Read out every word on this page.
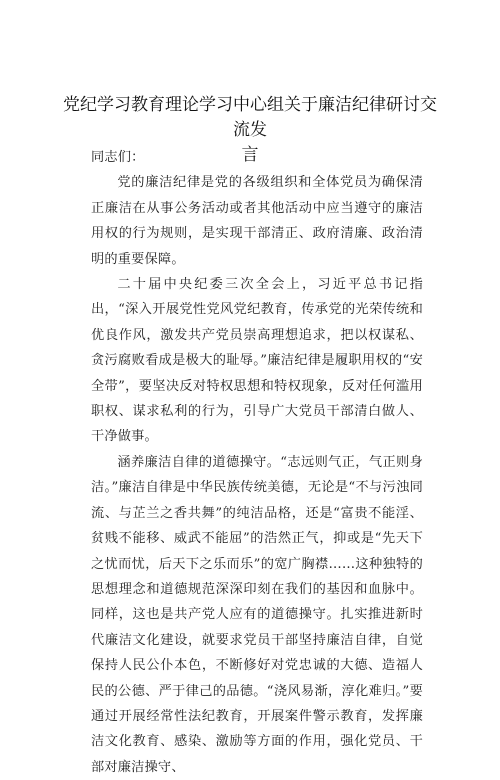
党纪学习教育理论学习中心组关于廉洁纪律研讨交流发
言

同志们：

党的廉洁纪律是党的各级组织和全体党员为确保清正廉洁在从事公务活动或者其他活动中应当遵守的廉洁用权的行为规则，是实现干部清正、政府清廉、政治清明的重要保障。

二十届中央纪委三次全会上，习近平总书记指出，“深入开展党性党风党纪教育，传承党的光荣传统和优良作风，激发共产党员崇高理想追求，把以权谋私、贪污腐败看成是极大的耻辱。”廉洁纪律是履职用权的“安全带”，要坚决反对特权思想和特权现象，反对任何滥用职权、谋求私利的行为，引导广大党员干部清白做人、干净做事。

涵养廉洁自律的道德操守。“志远则气正，气正则身洁。”廉洁自律是中华民族传统美德，无论是“不与污浊同流、与芷兰之香共舞”的纯洁品格，还是“富贵不能淫、贫贱不能移、威武不能屈”的浩然正气，抑或是“先天下之忧而忧，后天下之乐而乐”的宽广胸襟……这种独特的思想理念和道德规范深深印刻在我们的基因和血脉中。同样，这也是共产党人应有的道德操守。扎实推进新时代廉洁文化建设，就要求党员干部坚持廉洁自律，自觉保持人民公仆本色，不断修好对党忠诚的大德、造福人民的公德、严于律己的品德。“浇风易渐，淳化难归。”要通过开展经常性法纪教育，开展案件警示教育，发挥廉洁文化教育、感染、激励等方面的作用，强化党员、干部对廉洁操守、
